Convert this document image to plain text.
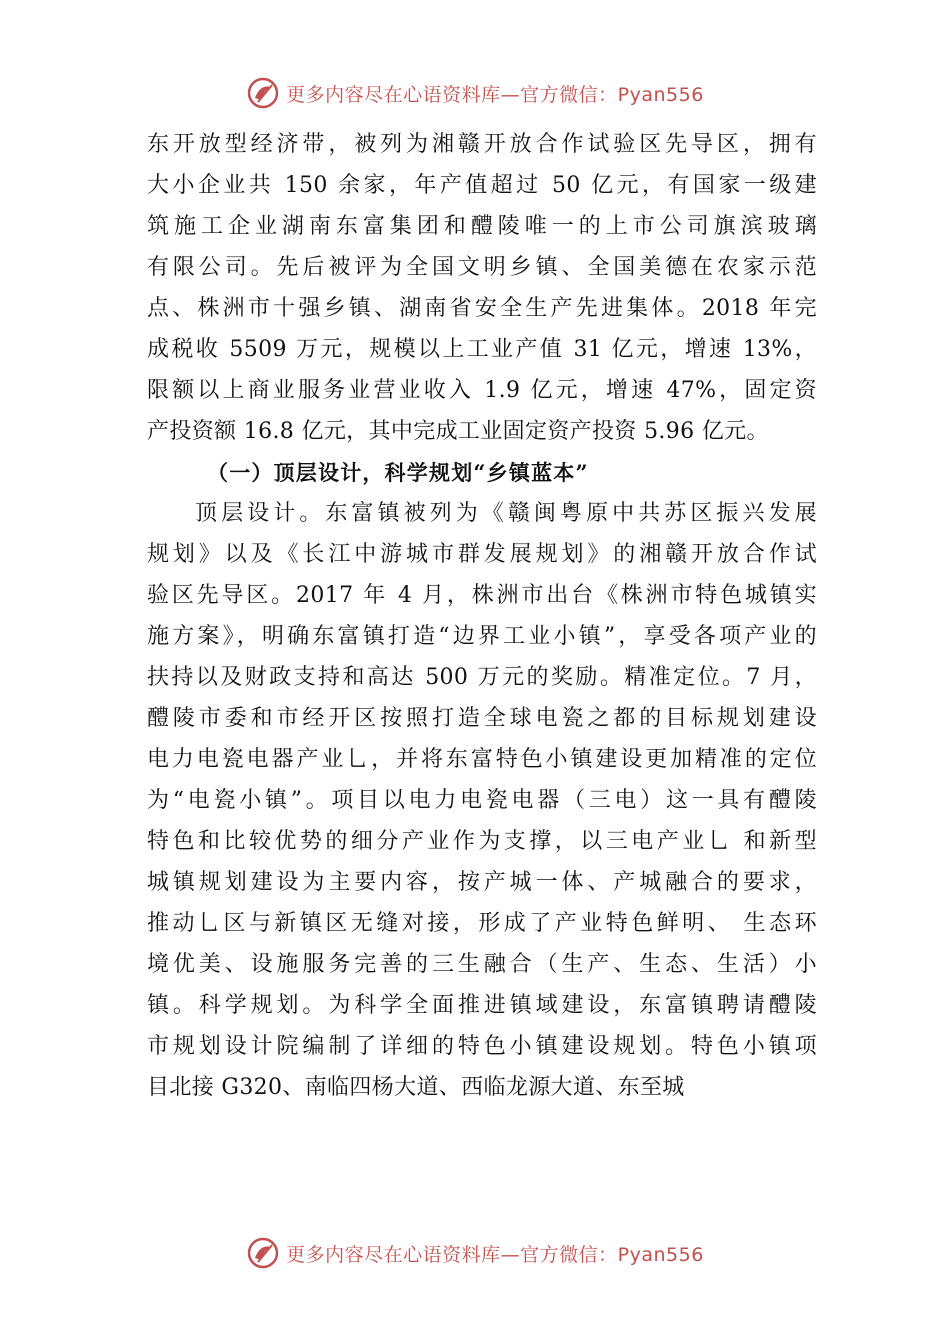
更多内容尽在心语资料库—官方微信：Pyan556
东开放型经济带，被列为湘赣开放合作试验区先导区，拥有
大小企业共 150 余家，年产值超过 50 亿元，有国家一级建
筑施工企业湖南东富集团和醴陵唯一的上市公司旗滨玻璃
有限公司。先后被评为全国文明乡镇、全国美德在农家示范
点、株洲市十强乡镇、湖南省安全生产先进集体。2018 年完
成税收 5509 万元，规模以上工业产值 31 亿元，增速 13%，
限额以上商业服务业营业收入 1.9 亿元，增速 47%，固定资
产投资额 16.8 亿元，其中完成工业固定资产投资 5.96 亿元。
（一）顶层设计，科学规划“乡镇蓝本”
顶层设计。东富镇被列为《赣闽粤原中共苏区振兴发展
规划》以及《长江中游城市群发展规划》的湘赣开放合作试
验区先导区。2017 年 4 月，株洲市出台《株洲市特色城镇实
施方案》，明确东富镇打造“边界工业小镇”，享受各项产业的
扶持以及财政支持和高达 500 万元的奖励。精准定位。7 月，
醴陵市委和市经开区按照打造全球电瓷之都的目标规划建设
电力电瓷电器产业⺃，并将东富特色小镇建设更加精准的定位
为“电瓷小镇”。项目以电力电瓷电器（三电）这一具有醴陵
特色和比较优势的细分产业作为支撑，以三电产业⺃ 和新型
城镇规划建设为主要内容，按产城一体、产城融合的要求，
推动⺃区与新镇区无缝对接，形成了产业特色鲜明、 生态环
境优美、设施服务完善的三生融合（生产、生态、生活）小
镇。科学规划。为科学全面推进镇域建设，东富镇聘请醴陵
市规划设计院编制了详细的特色小镇建设规划。特色小镇项
目北接 G320、南临四杨大道、西临龙源大道、东至城
更多内容尽在心语资料库—官方微信：Pyan556
